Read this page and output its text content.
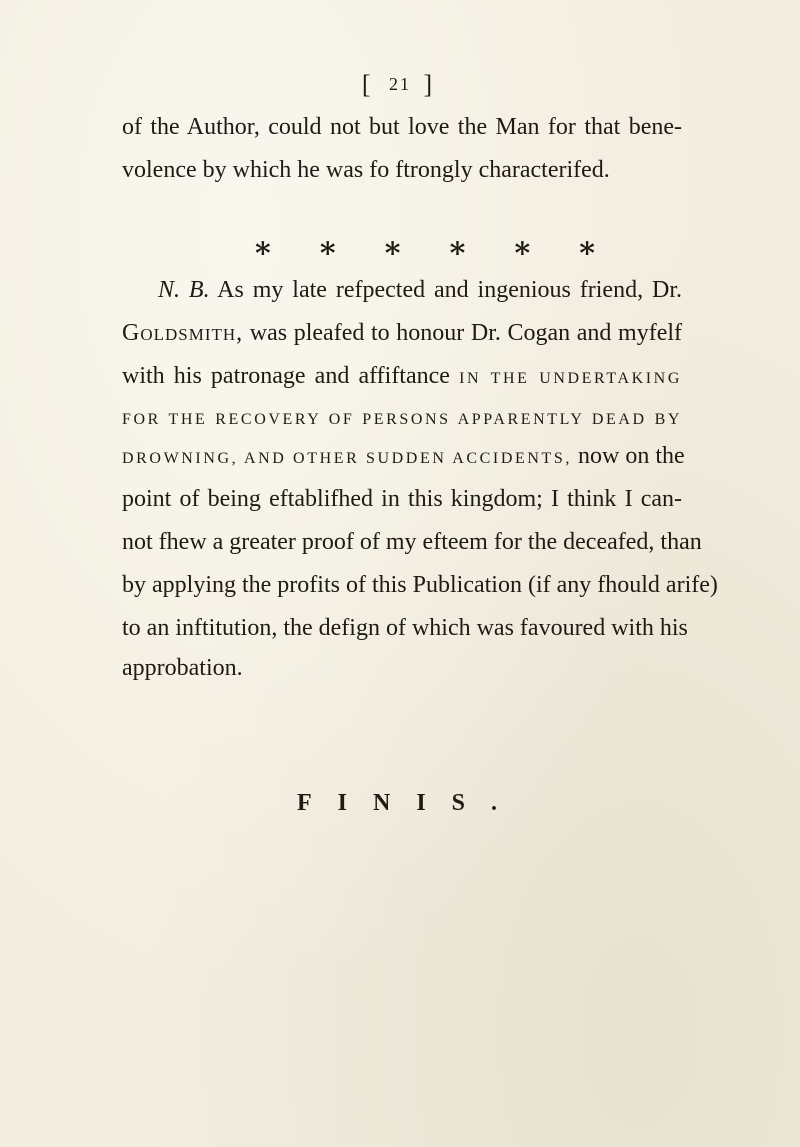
[ 21 ]
of the Author, could not but love the Man for that bene-
volence by which he was fo ftrongly characterifed.
⁎ ⁎ ⁎ ⁎ ⁎ ⁎
N. B. As my late refpected and ingenious friend, Dr.
Goldsmith, was pleafed to honour Dr. Cogan and myfelf
with his patronage and affiftance IN THE UNDERTAKING
FOR THE RECOVERY OF PERSONS APPARENTLY DEAD BY
DROWNING, AND OTHER SUDDEN ACCIDENTS, now on the
point of being eftablifhed in this kingdom; I think I can-
not fhew a greater proof of my efteem for the deceafed, than
by applying the profits of this Publication (if any fhould arife)
to an inftitution, the defign of which was favoured with his
approbation.
FINIS.
